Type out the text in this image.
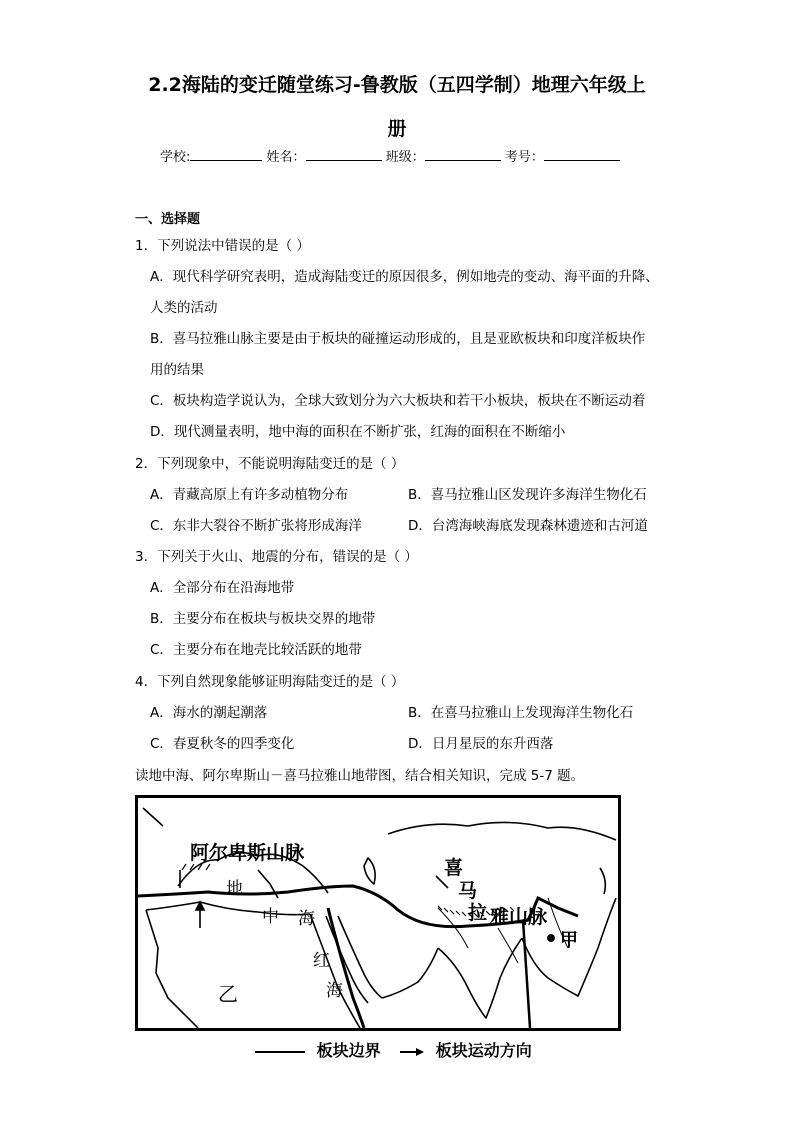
2.2海陆的变迁随堂练习-鲁教版（五四学制）地理六年级上
册
学校:	姓名：	班级：	考号：
一、选择题
1．下列说法中错误的是（ ）
A．现代科学研究表明，造成海陆变迁的原因很多，例如地壳的变动、海平面的升降、
人类的活动
B．喜马拉雅山脉主要是由于板块的碰撞运动形成的，且是亚欧板块和印度洋板块作
用的结果
C．板块构造学说认为，全球大致划分为六大板块和若干小板块，板块在不断运动着
D．现代测量表明，地中海的面积在不断扩张，红海的面积在不断缩小
2．下列现象中，不能说明海陆变迁的是（ ）
A．青藏高原上有许多动植物分布	B．喜马拉雅山区发现许多海洋生物化石
C．东非大裂谷不断扩张将形成海洋	D．台湾海峡海底发现森林遗迹和古河道
3．下列关于火山、地震的分布，错误的是（ ）
A．全部分布在沿海地带
B．主要分布在板块与板块交界的地带
C．主要分布在地壳比较活跃的地带
4．下列自然现象能够证明海陆变迁的是（ ）
A．海水的潮起潮落	B．在喜马拉雅山上发现海洋生物化石
C．春夏秋冬的四季变化	D．日月星辰的东升西落
读地中海、阿尔卑斯山－喜马拉雅山地带图，结合相关知识，完成 5-7 题。
阿尔卑斯山脉
地
中 海
喜
马
拉 雅山脉
红
海
乙
甲
板块边界	板块运动方向
